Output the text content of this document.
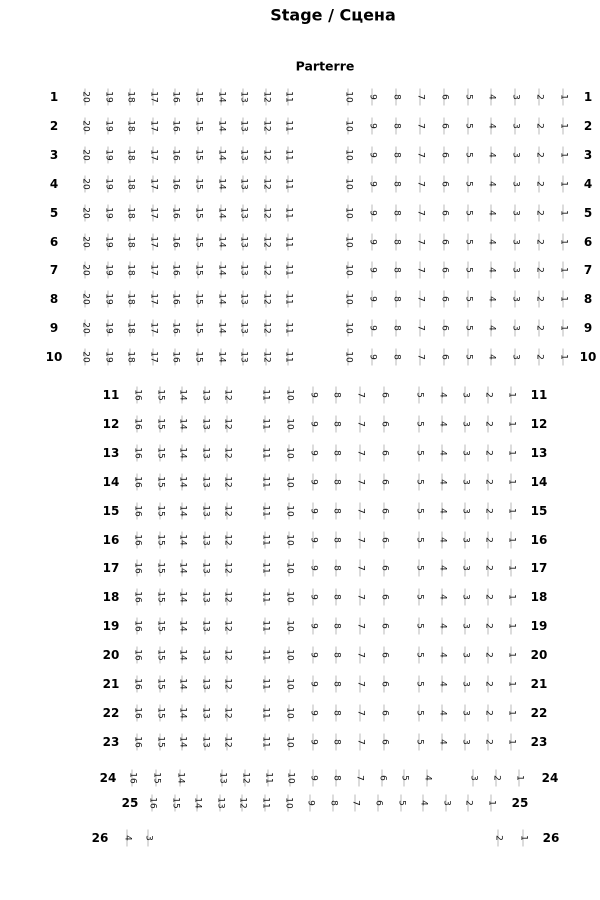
Stage / Сцена
Parterre
1 20 19 18 17 16 15 14 13 12 11	10 9 8 7 6 5 4 3 2 1 1
2 20 19 18 17 16 15 14 13 12 11	10 9 8 7 6 5 4 3 2 1 2
3 20 19 18 17 16 15 14 13 12 11	10 9 8 7 6 5 4 3 2 1 3
4 20 19 18 17 16 15 14 13 12 11	10 9 8 7 6 5 4 3 2 1 4
5 20 19 18 17 16 15 14 13 12 11	10 9 8 7 6 5 4 3 2 1 5
6 20 19 18 17 16 15 14 13 12 11	10 9 8 7 6 5 4 3 2 1 6
7 20 19 18 17 16 15 14 13 12 11	10 9 8 7 6 5 4 3 2 1 7
8 20 19 18 17 16 15 14 13 12 11	10 9 8 7 6 5 4 3 2 1 8
9 20 19 18 17 16 15 14 13 12 11	10 9 8 7 6 5 4 3 2 1 9
10 20 19 18 17 16 15 14 13 12 11	10 9 8 7 6 5 4 3 2 1 10
11 16 15 14 13 12	11 10 9 8 7 6	5 4 3 2 1 11
12 16 15 14 13 12	11 10 9 8 7 6	5 4 3 2 1 12
13 16 15 14 13 12	11 10 9 8 7 6	5 4 3 2 1 13
14 16 15 14 13 12	11 10 9 8 7 6	5 4 3 2 1 14
15 16 15 14 13 12	11 10 9 8 7 6	5 4 3 2 1 15
16 16 15 14 13 12	11 10 9 8 7 6	5 4 3 2 1 16
17 16 15 14 13 12	11 10 9 8 7 6	5 4 3 2 1 17
18 16 15 14 13 12	11 10 9 8 7 6	5 4 3 2 1 18
19 16 15 14 13 12	11 10 9 8 7 6	5 4 3 2 1 19
20 16 15 14 13 12	11 10 9 8 7 6	5 4 3 2 1 20
21 16 15 14 13 12	11 10 9 8 7 6	5 4 3 2 1 21
22 16 15 14 13 12	11 10 9 8 7 6	5 4 3 2 1 22
23 16 15 14 13 12	11 10 9 8 7 6	5 4 3 2 1 23
24 16 15 14	13 12 11 10 9 8 7 6 5 4	3 2 1 24
25 16 15 14 13 12 11 10 9 8 7 6 5 4 3 2 1 25
26 4 3	2 1 26
